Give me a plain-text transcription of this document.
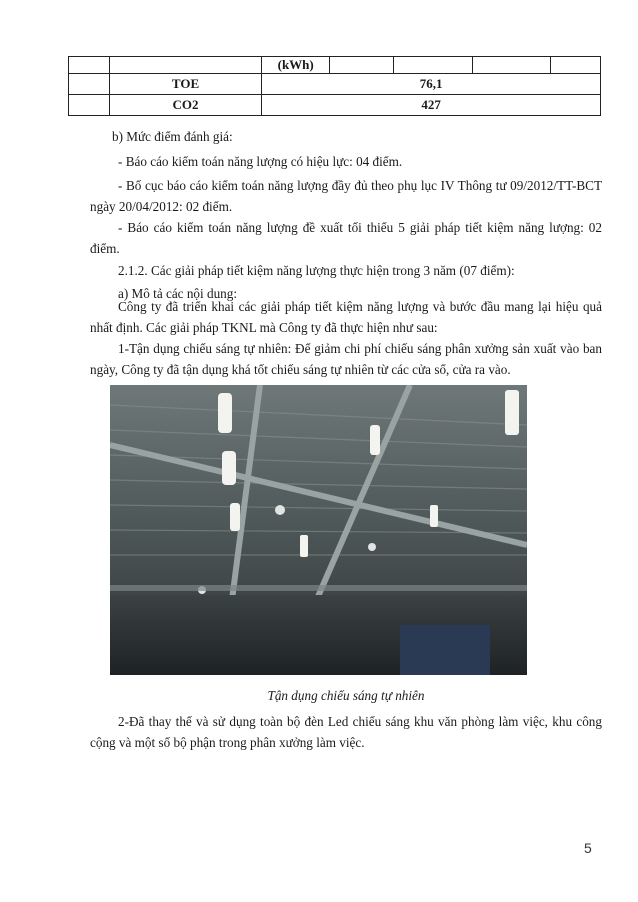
		(kWh)				
	TOE	76,1				
	CO2	427				

b) Mức điểm đánh giá:

- Báo cáo kiểm toán năng lượng có hiệu lực: 04 điểm.

- Bố cục báo cáo kiểm toán năng lượng đầy đủ theo phụ lục IV Thông tư 09/2012/TT-BCT ngày 20/04/2012: 02 điểm.

- Báo cáo kiểm toán năng lượng đề xuất tối thiểu 5 giải pháp tiết kiệm năng lượng: 02 điểm.

2.1.2. Các giải pháp tiết kiệm năng lượng thực hiện trong 3 năm (07 điểm):

a) Mô tả các nội dung:

Công ty đã triển khai các giải pháp tiết kiệm năng lượng và bước đầu mang lại hiệu quả nhất định. Các giải pháp TKNL mà Công ty đã thực hiện như sau:

1-Tận dụng chiếu sáng tự nhiên: Để giảm chi phí chiếu sáng phân xưởng sản xuất vào ban ngày, Công ty đã tận dụng khá tốt chiếu sáng tự nhiên từ các cửa sổ, cửa ra vào.

Tận dụng chiếu sáng tự nhiên

2-Đã thay thế và sử dụng toàn bộ đèn Led chiếu sáng khu văn phòng làm việc, khu công cộng và một số bộ phận trong phân xưởng làm việc.

5
